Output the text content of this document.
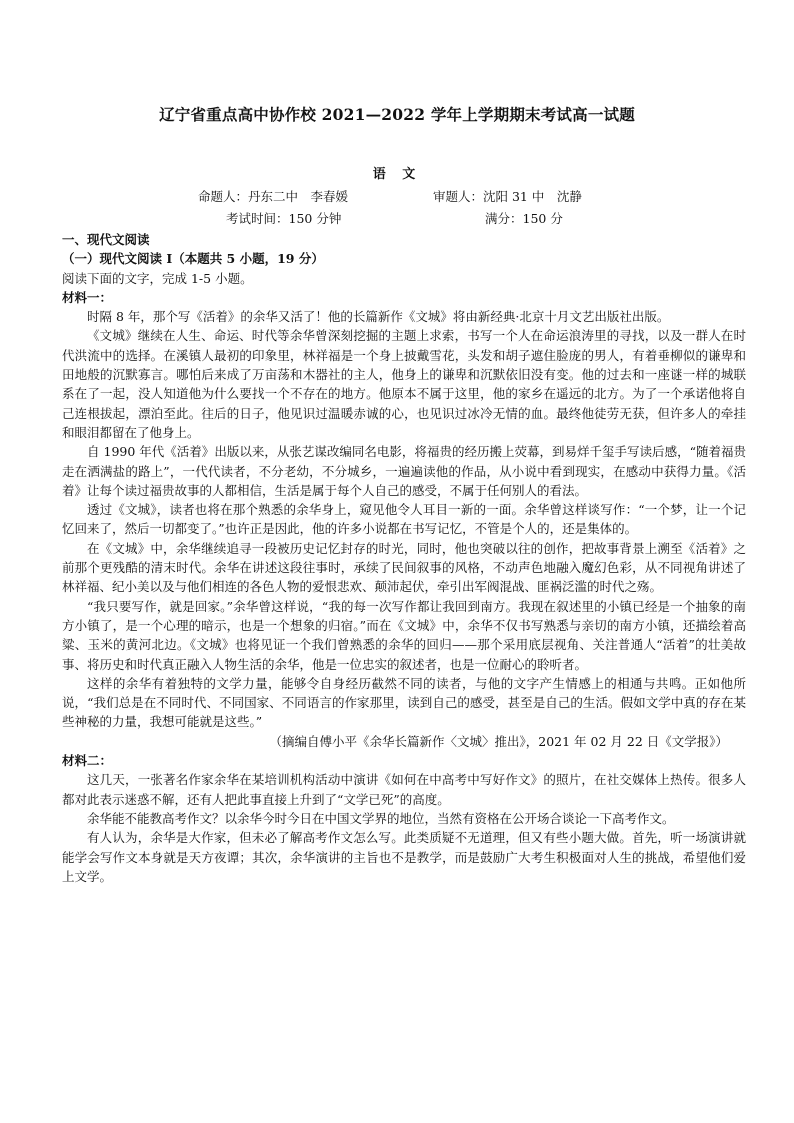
辽宁省重点高中协作校 2021—2022 学年上学期期末考试高一试题
语 文
命题人：丹东二中　李春媛	审题人：沈阳 31 中　沈静
考试时间：150 分钟	满分：150 分

一、现代文阅读

（一）现代文阅读 I（本题共 5 小题，19 分）

阅读下面的文字，完成 1-5 小题。

材料一：

时隔 8 年，那个写《活着》的余华又活了！他的长篇新作《文城》将由新经典·北京十月文艺出版社出版。

《文城》继续在人生、命运、时代等余华曾深刻挖掘的主题上求索，书写一个人在命运浪涛里的寻找，以及一群人在时代洪流中的选择。在溪镇人最初的印象里，林祥福是一个身上披戴雪花，头发和胡子遮住脸庞的男人，有着垂柳似的谦卑和田地般的沉默寡言。哪怕后来成了万亩荡和木器社的主人，他身上的谦卑和沉默依旧没有变。他的过去和一座谜一样的城联系在了一起，没人知道他为什么要找一个不存在的地方。他原本不属于这里，他的家乡在遥远的北方。为了一个承诺他将自己连根拔起，漂泊至此。往后的日子，他见识过温暖赤诚的心，也见识过冰冷无情的血。最终他徒劳无获，但许多人的牵挂和眼泪都留在了他身上。

自 1990 年代《活着》出版以来，从张艺谋改编同名电影，将福贵的经历搬上荧幕，到易烊千玺手写读后感，“随着福贵走在洒满盐的路上”，一代代读者，不分老幼，不分城乡，一遍遍读他的作品，从小说中看到现实，在感动中获得力量。《活着》让每个读过福贵故事的人都相信，生活是属于每个人自己的感受，不属于任何别人的看法。

透过《文城》，读者也将在那个熟悉的余华身上，窥见他令人耳目一新的一面。余华曾这样谈写作：“一个梦，让一个记忆回来了，然后一切都变了。”也许正是因此，他的许多小说都在书写记忆，不管是个人的，还是集体的。

在《文城》中，余华继续追寻一段被历史记忆封存的时光，同时，他也突破以往的创作，把故事背景上溯至《活着》之前那个更残酷的清末时代。余华在讲述这段往事时，承续了民间叙事的风格，不动声色地融入魔幻色彩，从不同视角讲述了林祥福、纪小美以及与他们相连的各色人物的爱恨悲欢、颠沛起伏，牵引出军阀混战、匪祸泛滥的时代之殇。

“我只要写作，就是回家。”余华曾这样说，“我的每一次写作都让我回到南方。我现在叙述里的小镇已经是一个抽象的南方小镇了，是一个心理的暗示，也是一个想象的归宿。”而在《文城》中，余华不仅书写熟悉与亲切的南方小镇，还描绘着高粱、玉米的黄河北边。《文城》也将见证一个我们曾熟悉的余华的回归——那个采用底层视角、关注普通人“活着”的壮美故事、将历史和时代真正融入人物生活的余华，他是一位忠实的叙述者，也是一位耐心的聆听者。

这样的余华有着独特的文学力量，能够令自身经历截然不同的读者，与他的文字产生情感上的相通与共鸣。正如他所说，“我们总是在不同时代、不同国家、不同语言的作家那里，读到自己的感受，甚至是自己的生活。假如文学中真的存在某些神秘的力量，我想可能就是这些。”

（摘编自傅小平《余华长篇新作〈文城〉推出》，2021 年 02 月 22 日《文学报》）

材料二：

这几天，一张著名作家余华在某培训机构活动中演讲《如何在中高考中写好作文》的照片，在社交媒体上热传。很多人都对此表示迷惑不解，还有人把此事直接上升到了“文学已死”的高度。

余华能不能教高考作文？以余华今时今日在中国文学界的地位，当然有资格在公开场合谈论一下高考作文。

有人认为，余华是大作家，但未必了解高考作文怎么写。此类质疑不无道理，但又有些小题大做。首先，听一场演讲就能学会写作文本身就是天方夜谭；其次，余华演讲的主旨也不是教学，而是鼓励广大考生积极面对人生的挑战，希望他们爱上文学。
